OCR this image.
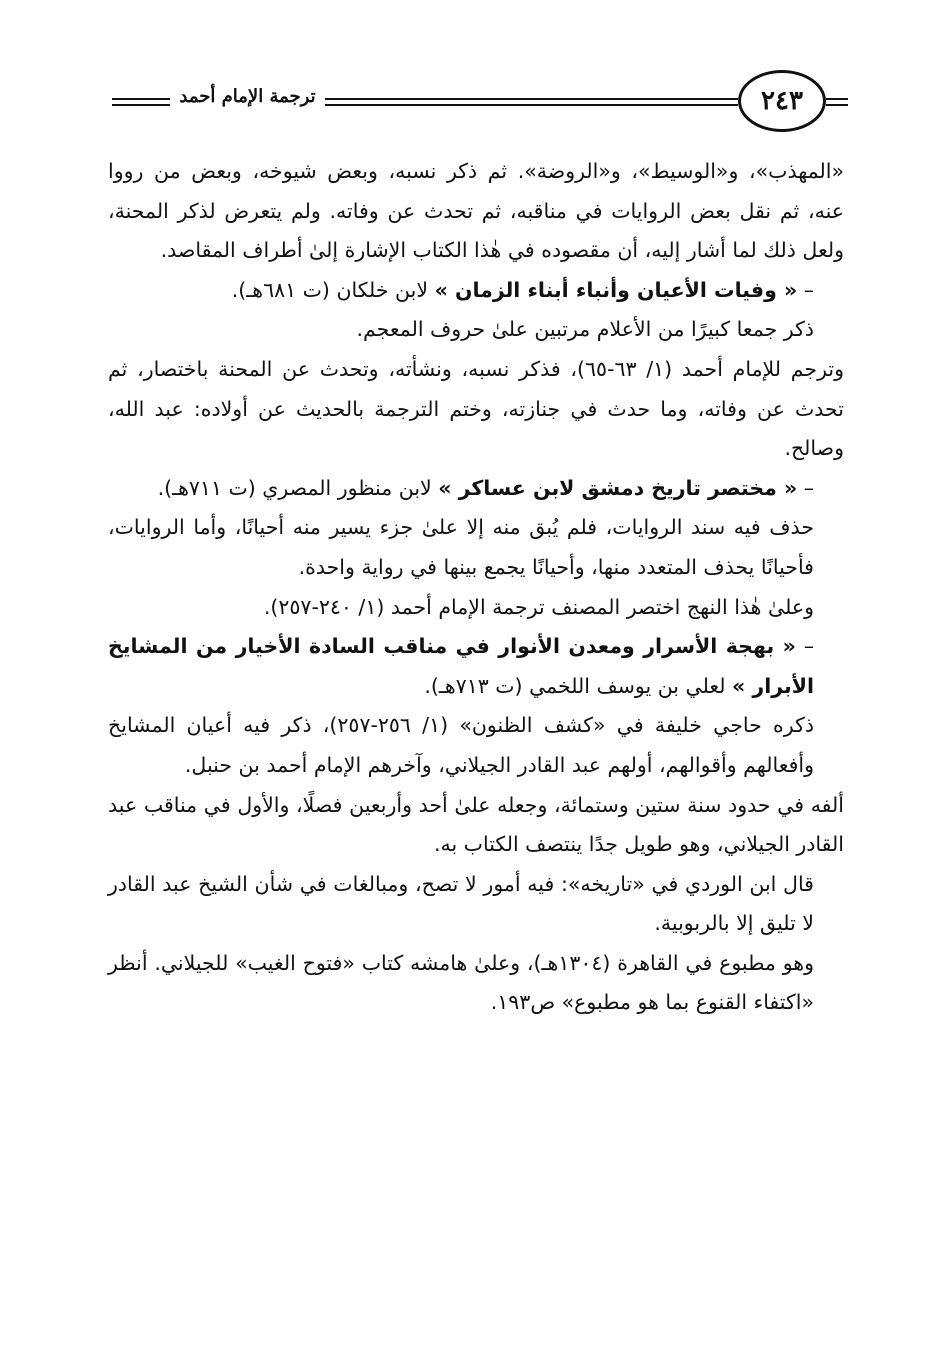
٢٤٣
ترجمة الإمام أحمد

«المهذب»، و«الوسيط»، و«الروضة». ثم ذكر نسبه، وبعض شيوخه، وبعض من رووا عنه، ثم نقل بعض الروايات في مناقبه، ثم تحدث عن وفاته. ولم يتعرض لذكر المحنة، ولعل ذلك لما أشار إليه، أن مقصوده في هٰذا الكتاب الإشارة إلىٰ أطراف المقاصد.

– « وفيات الأعيان وأنباء أبناء الزمان » لابن خلكان (ت ٦٨١هـ).

ذكر جمعا كبيرًا من الأعلام مرتبين علىٰ حروف المعجم.

وترجم للإمام أحمد (١/ ٦٣-٦٥)، فذكر نسبه، ونشأته، وتحدث عن المحنة باختصار، ثم تحدث عن وفاته، وما حدث في جنازته، وختم الترجمة بالحديث عن أولاده: عبد الله، وصالح.

– « مختصر تاريخ دمشق لابن عساكر » لابن منظور المصري (ت ٧١١هـ).

حذف فيه سند الروايات، فلم يُبق منه إلا علىٰ جزء يسير منه أحيانًا، وأما الروايات، فأحيانًا يحذف المتعدد منها، وأحيانًا يجمع بينها في رواية واحدة.

وعلىٰ هٰذا النهج اختصر المصنف ترجمة الإمام أحمد (١/ ٢٤٠-٢٥٧).

– « بهجة الأسرار ومعدن الأنوار في مناقب السادة الأخيار من المشايخ الأبرار » لعلي بن يوسف اللخمي (ت ٧١٣هـ).

ذكره حاجي خليفة في «كشف الظنون» (١/ ٢٥٦-٢٥٧)، ذكر فيه أعيان المشايخ وأفعالهم وأقوالهم، أولهم عبد القادر الجيلاني، وآخرهم الإمام أحمد بن حنبل.

ألفه في حدود سنة ستين وستمائة، وجعله علىٰ أحد وأربعين فصلًا، والأول في مناقب عبد القادر الجيلاني، وهو طويل جدًا ينتصف الكتاب به.

قال ابن الوردي في «تاريخه»: فيه أمور لا تصح، ومبالغات في شأن الشيخ عبد القادر لا تليق إلا بالربوبية.

وهو مطبوع في القاهرة (١٣٠٤هـ)، وعلىٰ هامشه كتاب «فتوح الغيب» للجيلاني. أنظر «اكتفاء القنوع بما هو مطبوع» ص١٩٣.
